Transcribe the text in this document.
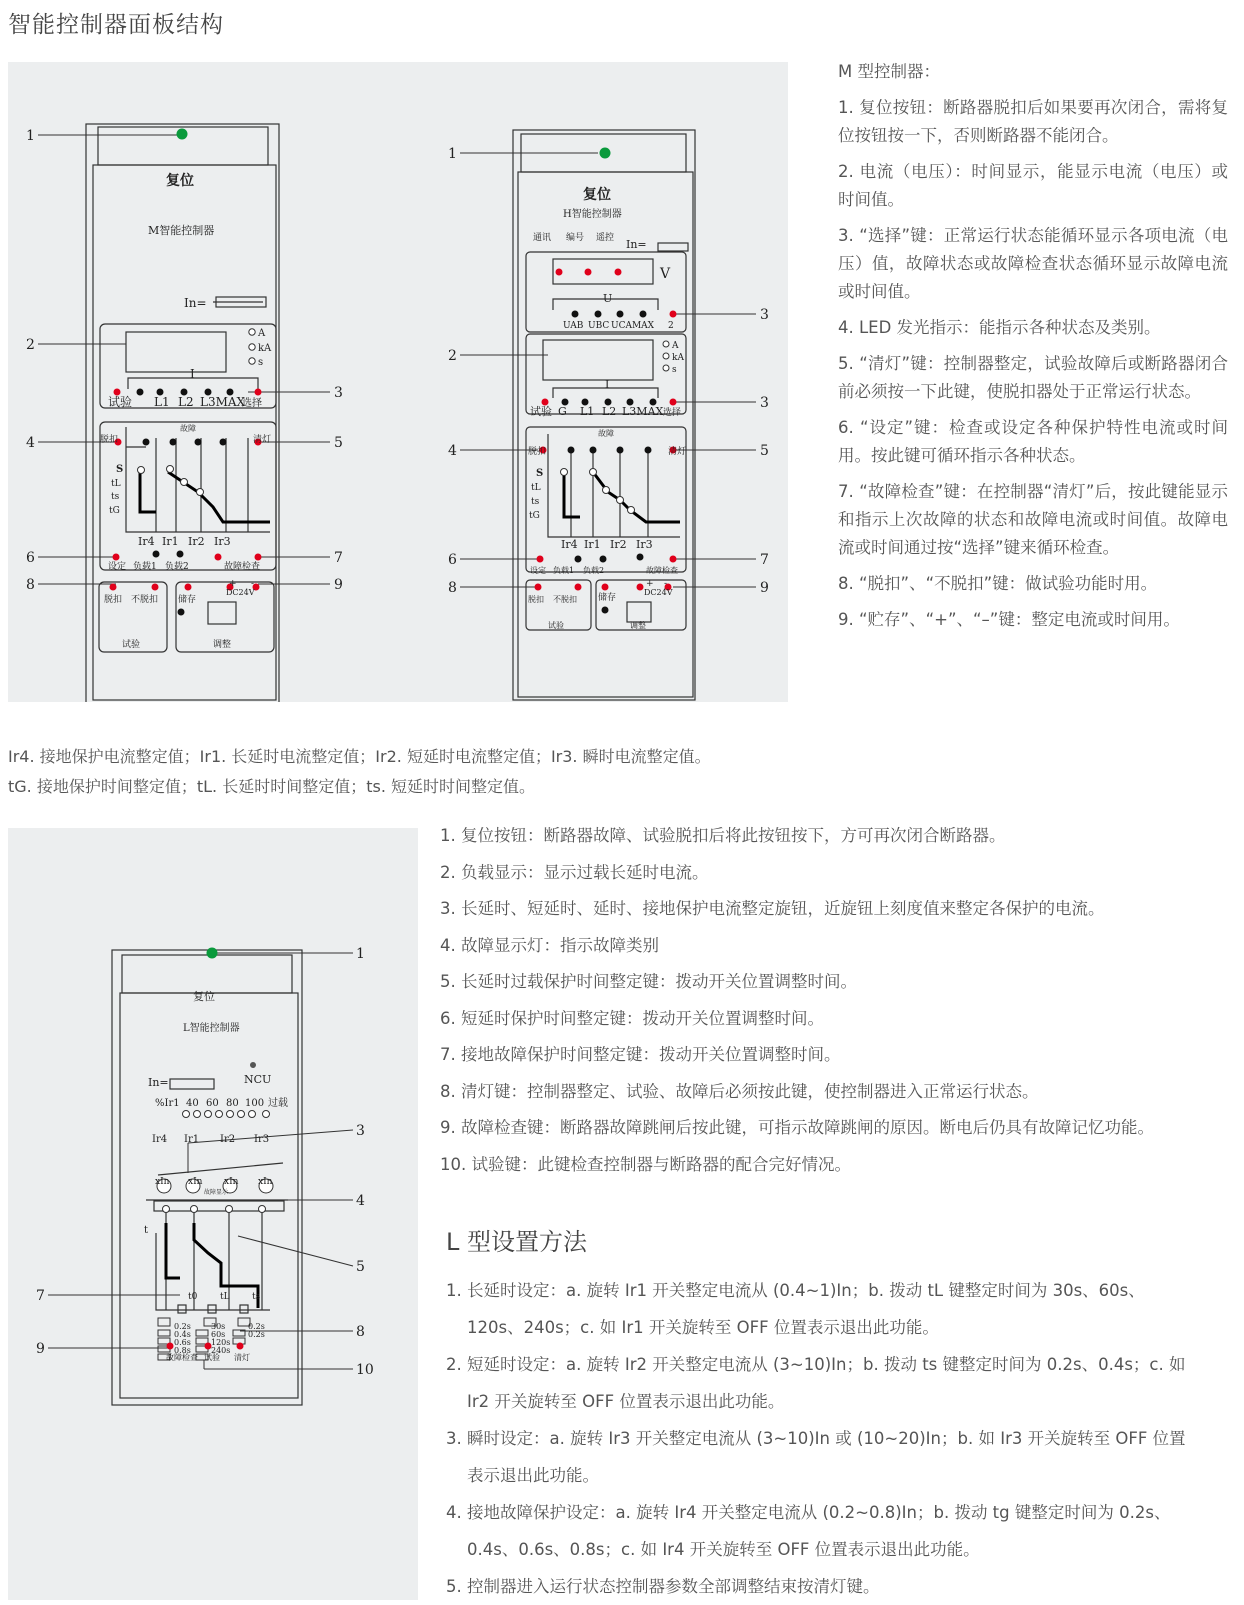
智能控制器面板结构
复位
M智能控制器
In=
A
kA
s
I
试验 L1 L2 L3MAX
选择
故障
脱扣	清灯
S
tL
ts
tG
Ir4 Ir1 Ir2 Ir3
设定 负载1 负载2	故障检查
脱扣 不脱扣
试验
储存
+ -
DC24V
调整
1
2
3
4	5
6	7
8	9
复位
H智能控制器
通讯 编号 遥控 In=
V
U
UAB UBC UCAMAX 2
A
kA
s
I
试验 G L1 L2 L3MAX 选择
故障
脱扣	清灯
S
tL
ts
tG
Ir4 Ir1 Ir2 Ir3
设定 负载1 负载2	故障检查
脱扣 不脱扣
试验
储存
+ -
DC24V
调整
1
2
3
3
4	5
6	7
8	9

M 型控制器：

1. 复位按钮：断路器脱扣后如果要再次闭合，需将复位按钮按一下，否则断路器不能闭合。

2. 电流（电压）：时间显示，能显示电流（电压）或时间值。

3. “选择”键：正常运行状态能循环显示各项电流（电压）值，故障状态或故障检查状态循环显示故障电流或时间值。

4. LED 发光指示：能指示各种状态及类别。

5. “清灯”键：控制器整定，试验故障后或断路器闭合前必须按一下此键，使脱扣器处于正常运行状态。

6. “设定”键：检查或设定各种保护特性电流或时间用。按此键可循环指示各种状态。

7. “故障检查”键：在控制器“清灯”后，按此键能显示和指示上次故障的状态和故障电流或时间值。故障电流或时间通过按“选择”键来循环检查。

8. “脱扣”、“不脱扣”键：做试验功能时用。

9. “贮存”、“+”、“–”键：整定电流或时间用。

Ir4. 接地保护电流整定值；Ir1. 长延时电流整定值；Ir2. 短延时电流整定值；Ir3. 瞬时电流整定值。
tG. 接地保护时间整定值；tL. 长延时时间整定值；ts. 短延时时间整定值。
复位
L智能控制器
In=	NCU
%Ir1 40 60 80 100 过载
Ir4 Ir1 Ir2 Ir3
xIn xIn xIn xIn
故障显示
t
t0	tL ts
0.2s
0.4s
0.6s
0.8s
30s
60s
120s
240s
0.2s
0.2s
故障检查 试验 清灯
1
3
4
5
7
8
9
10
1. 复位按钮：断路器故障、试验脱扣后将此按钮按下，方可再次闭合断路器。
2. 负载显示：显示过载长延时电流。
3. 长延时、短延时、延时、接地保护电流整定旋钮，近旋钮上刻度值来整定各保护的电流。
4. 故障显示灯：指示故障类别
5. 长延时过载保护时间整定键：拨动开关位置调整时间。
6. 短延时保护时间整定键：拨动开关位置调整时间。
7. 接地故障保护时间整定键：拨动开关位置调整时间。
8. 清灯键：控制器整定、试验、故障后必须按此键，使控制器进入正常运行状态。
9. 故障检查键：断路器故障跳闸后按此键，可指示故障跳闸的原因。断电后仍具有故障记忆功能。
10. 试验键：此键检查控制器与断路器的配合完好情况。
L 型设置方法
1. 长延时设定：a. 旋转 Ir1 开关整定电流从 (0.4~1)In；b. 拨动 tL 键整定时间为 30s、60s、
120s、240s；c. 如 Ir1 开关旋转至 OFF 位置表示退出此功能。
2. 短延时设定：a. 旋转 Ir2 开关整定电流从 (3~10)In；b. 拨动 ts 键整定时间为 0.2s、0.4s；c. 如
Ir2 开关旋转至 OFF 位置表示退出此功能。
3. 瞬时设定：a. 旋转 Ir3 开关整定电流从 (3~10)In 或 (10~20)In；b. 如 Ir3 开关旋转至 OFF 位置
表示退出此功能。
4. 接地故障保护设定：a. 旋转 Ir4 开关整定电流从 (0.2~0.8)In；b. 拨动 tg 键整定时间为 0.2s、
0.4s、0.6s、0.8s；c. 如 Ir4 开关旋转至 OFF 位置表示退出此功能。
5. 控制器进入运行状态控制器参数全部调整结束按清灯键。
